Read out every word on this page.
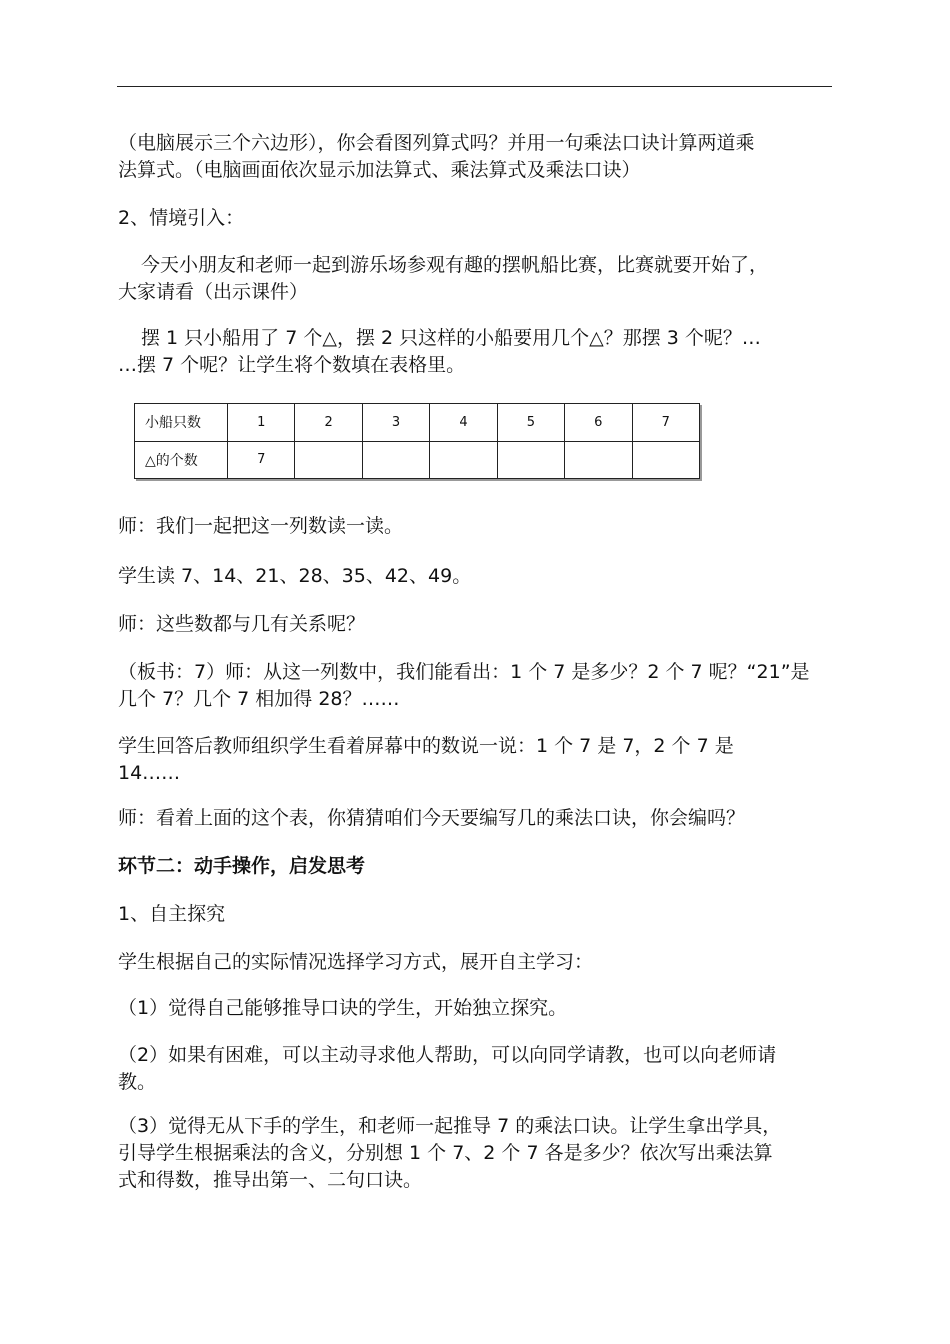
（电脑展示三个六边形），你会看图列算式吗？并用一句乘法口诀计算两道乘
法算式。（电脑画面依次显示加法算式、乘法算式及乘法口诀）

2、情境引入：

今天小朋友和老师一起到游乐场参观有趣的摆帆船比赛，比赛就要开始了，
大家请看（出示课件）

摆 1 只小船用了 7 个△，摆 2 只这样的小船要用几个△？那摆 3 个呢？…
…摆 7 个呢？让学生将个数填在表格里。

小船只数	1	2	3	4	5	6	7
△的个数	7						

师：我们一起把这一列数读一读。

学生读 7、14、21、28、35、42、49。

师：这些数都与几有关系呢？

（板书：7）师：从这一列数中，我们能看出：1 个 7 是多少？2 个 7 呢？“21”是
几个 7？几个 7 相加得 28？……

学生回答后教师组织学生看着屏幕中的数说一说：1 个 7 是 7，2 个 7 是
14……

师：看着上面的这个表，你猜猜咱们今天要编写几的乘法口诀，你会编吗？

环节二：动手操作，启发思考

1、自主探究

学生根据自己的实际情况选择学习方式，展开自主学习：

（1）觉得自己能够推导口诀的学生，开始独立探究。

（2）如果有困难，可以主动寻求他人帮助，可以向同学请教，也可以向老师请
教。

（3）觉得无从下手的学生，和老师一起推导 7 的乘法口诀。让学生拿出学具，
引导学生根据乘法的含义，分别想 1 个 7、2 个 7 各是多少？依次写出乘法算
式和得数，推导出第一、二句口诀。
